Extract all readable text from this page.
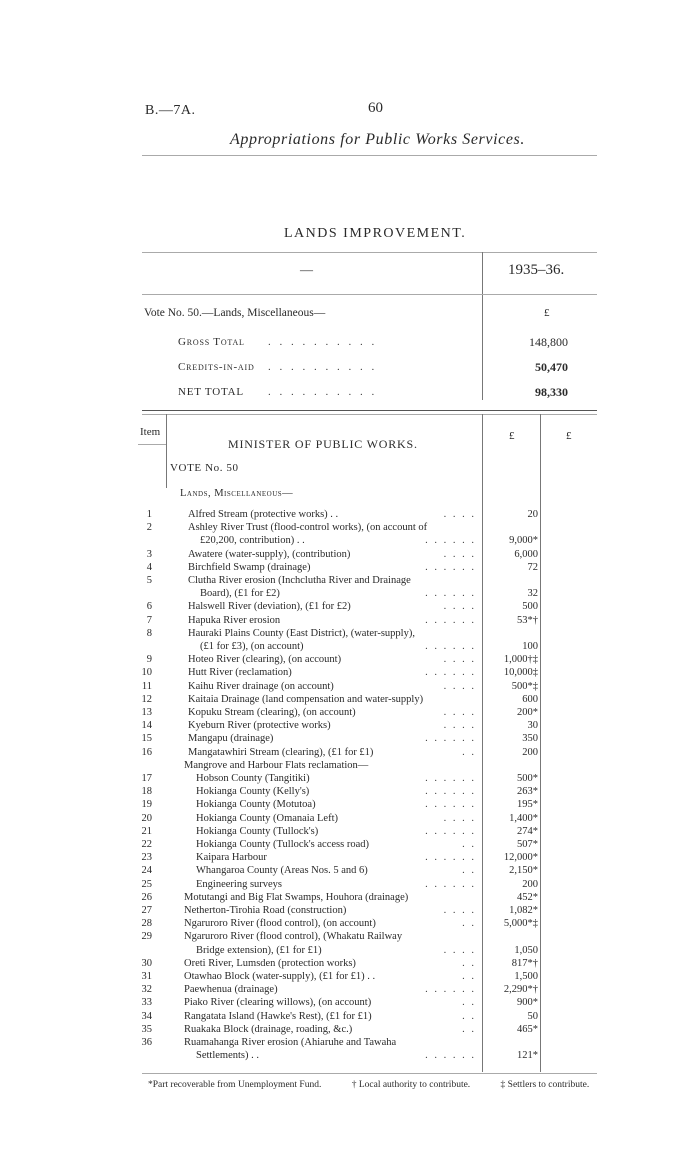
B.—7A.	60
Appropriations for Public Works Services.
LANDS IMPROVEMENT.
—	1935–36.
Vote No. 50.—Lands, Miscellaneous—	£
Gross Total . . . . . . . . . .	148,800
Credits-in-aid . . . . . . . . . .	50,470
NET TOTAL . . . . . . . . . .	98,330
Item	£	£
MINISTER OF PUBLIC WORKS.
VOTE No. 50
Lands, Miscellaneous—
1	Alfred Stream (protective works) . .	. . . .	20
2	Ashley River Trust (flood-control works), (on account of
£20,200, contribution) . .	. . . . . .	9,000*
3	Awatere (water-supply), (contribution)	. . . .	6,000
4	Birchfield Swamp (drainage)	. . . . . .	72
5	Clutha River erosion (Inchclutha River and Drainage
Board), (£1 for £2)	. . . . . .	32
6	Halswell River (deviation), (£1 for £2)	. . . .	500
7	Hapuka River erosion	. . . . . .	53*†
8	Hauraki Plains County (East District), (water-supply),
(£1 for £3), (on account)	. . . . . .	100
9	Hoteo River (clearing), (on account)	. . . .	1,000†‡
10	Hutt River (reclamation)	. . . . . .	10,000‡
11	Kaihu River drainage (on account)	. . . .	500*‡
12	Kaitaia Drainage (land compensation and water-supply)	600
13	Kopuku Stream (clearing), (on account)	. . . .	200*
14	Kyeburn River (protective works)	. . . .	30
15	Mangapu (drainage)	. . . . . .	350
16	Mangatawhiri Stream (clearing), (£1 for £1)	. .	200
Mangrove and Harbour Flats reclamation—
17	Hobson County (Tangitiki)	. . . . . .	500*
18	Hokianga County (Kelly's)	. . . . . .	263*
19	Hokianga County (Motutoa)	. . . . . .	195*
20	Hokianga County (Omanaia Left)	. . . .	1,400*
21	Hokianga County (Tullock's)	. . . . . .	274*
22	Hokianga County (Tullock's access road)	. .	507*
23	Kaipara Harbour	. . . . . .	12,000*
24	Whangaroa County (Areas Nos. 5 and 6)	. .	2,150*
25	Engineering surveys	. . . . . .	200
26	Motutangi and Big Flat Swamps, Houhora (drainage)	452*
27	Netherton-Tirohia Road (construction)	. . . .	1,082*
28	Ngaruroro River (flood control), (on account)	. .	5,000*‡
29	Ngaruroro River (flood control), (Whakatu Railway
Bridge extension), (£1 for £1)	. . . .	1,050
30	Oreti River, Lumsden (protection works)	. .	817*†
31	Otawhao Block (water-supply), (£1 for £1) . .	. .	1,500
32	Paewhenua (drainage)	. . . . . .	2,290*†
33	Piako River (clearing willows), (on account)	. .	900*
34	Rangatata Island (Hawke's Rest), (£1 for £1)	. .	50
35	Ruakaka Block (drainage, roading, &c.)	. .	465*
36	Ruamahanga River erosion (Ahiaruhe and Tawaha
Settlements) . .	. . . . . .	121*
*Part recoverable from Unemployment Fund.	† Local authority to contribute.	‡ Settlers to contribute.
